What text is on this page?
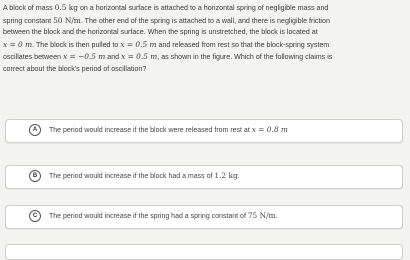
A block of mass 0.5 kg on a horizontal surface is attached to a horizontal spring of negligible mass and

spring constant 50 N/m. The other end of the spring is attached to a wall, and there is negligible friction

between the block and the horizontal surface. When the spring is unstretched, the block is located at

x = 0 m. The block is then pulled to x = 0.5 m and released from rest so that the block-spring system

oscillates between x = −0.5 m and x = 0.5 m, as shown in the figure. Which of the following claims is

correct about the block's period of oscillation?

A	The period would increase if the block were released from rest at x = 0.8 m
B	The period would increase if the block had a mass of 1.2 kg.
C	The period would increase if the spring had a spring constant of 75 N/m.
